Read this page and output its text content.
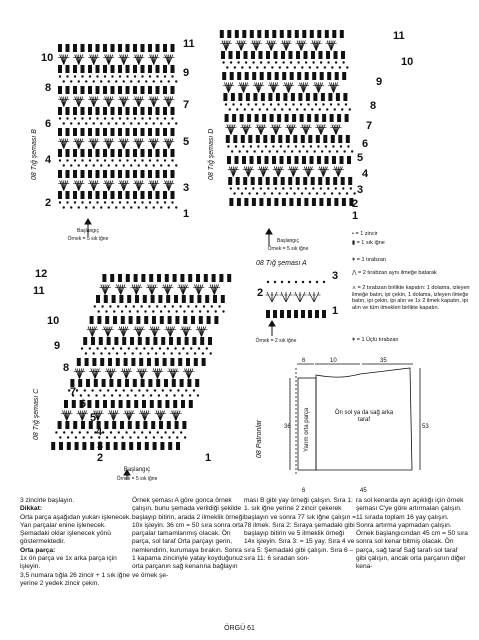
08 Tığ şeması B	08 Tığ şeması D
08 Tığ şeması C	08 Patronlar
11
10
9
8
7
6
5
4
3
2
1
Başlangıç
Örnek = 5 sık iğne
11
10
9
8
7
6
5
4
3
2
1
Başlangıç
Örnek = 5 sık iğne
12
11
10
9
8
7
6
5
4
3
2	1
Başlangıç
Örnek = 5 sık iğne
08 Tığ şeması A
3
2
1
Örnek = 2 sık iğne
• = 1 zincir
▮ = 1 sık iğne
ǂ = 1 tırabzan
⋀ = 2 tırabzan aynı ilmeğe batarak
⋏ = 2 tırabzan birlikte kapatın: 1 dolama, izleyen ilmeğe batın, ipi çekin, 1 dolama, izleyen ilmeğe batın, ipi çekin, ipi alın ve 1x 2 ilmek kapatın, ipi alın ve tüm ilmekleri birlikte kapatın.
ǂ = 1 Üçlü tırabzan
6	10	35
36	53
6	45
Yarım orta parça	Ön sol ya da sağ arka taraf

3 zincirle başlayın.

Dikkat:

Orta parça aşağıdan yukarı işlenecek. Yan parçalar enine işlenecek. Şemadaki oklar işlenecek yönü göstermektedir.

Orta parça:

1x ön parça ve 1x arka parça için işleyin.

3,5 numara tığla 26 zincir + 1 sık iğne yerine 2 yedek zincir çekin.

Örnek şeması A göre gonca örnek çalışın, bunu şemada verildiği şekilde başlayıp bitirin, arada 2 ilmeklik örneği 10x işleyin. 36 cm = 50 sıra sonra orta parçalar tamamlanmış olacak. Ön parça, sol taraf Orta parçayı gerin, nemlendirin, kurumaya bırakın. Sonra 1 kapama zinciriyle yatay koyduğunuz orta parçanın sağ kenarına bağlayın ve örnek şe-

ması B gibi yay örneği çalışın. Sıra 1: 1. sık iğne yerine 2 zincir çekerek başlayın ve sonra 77 sık iğne çalışın = 78 ilmek. Sıra 2: Sıraya şemadaki gibi başlayıp bitirin ve 5 ilmeklik örneği 14x işleyin. Sıra 3: = 15 yay. Sıra 4 ve sıra 5: Şemadaki gibi çalışın. Sıra 6 – sıra 11: 6 sıradan son-

ra sol kenarda ayrı açıklığı için örnek şeması C'ye göre artırmaları çalışın. 11 sırada toplam 16 yay çalışın. Sonra artırma yapmadan çalışın. Örnek başlangıcından 45 cm = 50 sıra sonra sol kenar bitmiş olacak. Ön parça, sağ taraf Sağ tarafı sol taraf gibi çalışın, ancak orta parçanın diğer kena-

ÖRGÜ 61
